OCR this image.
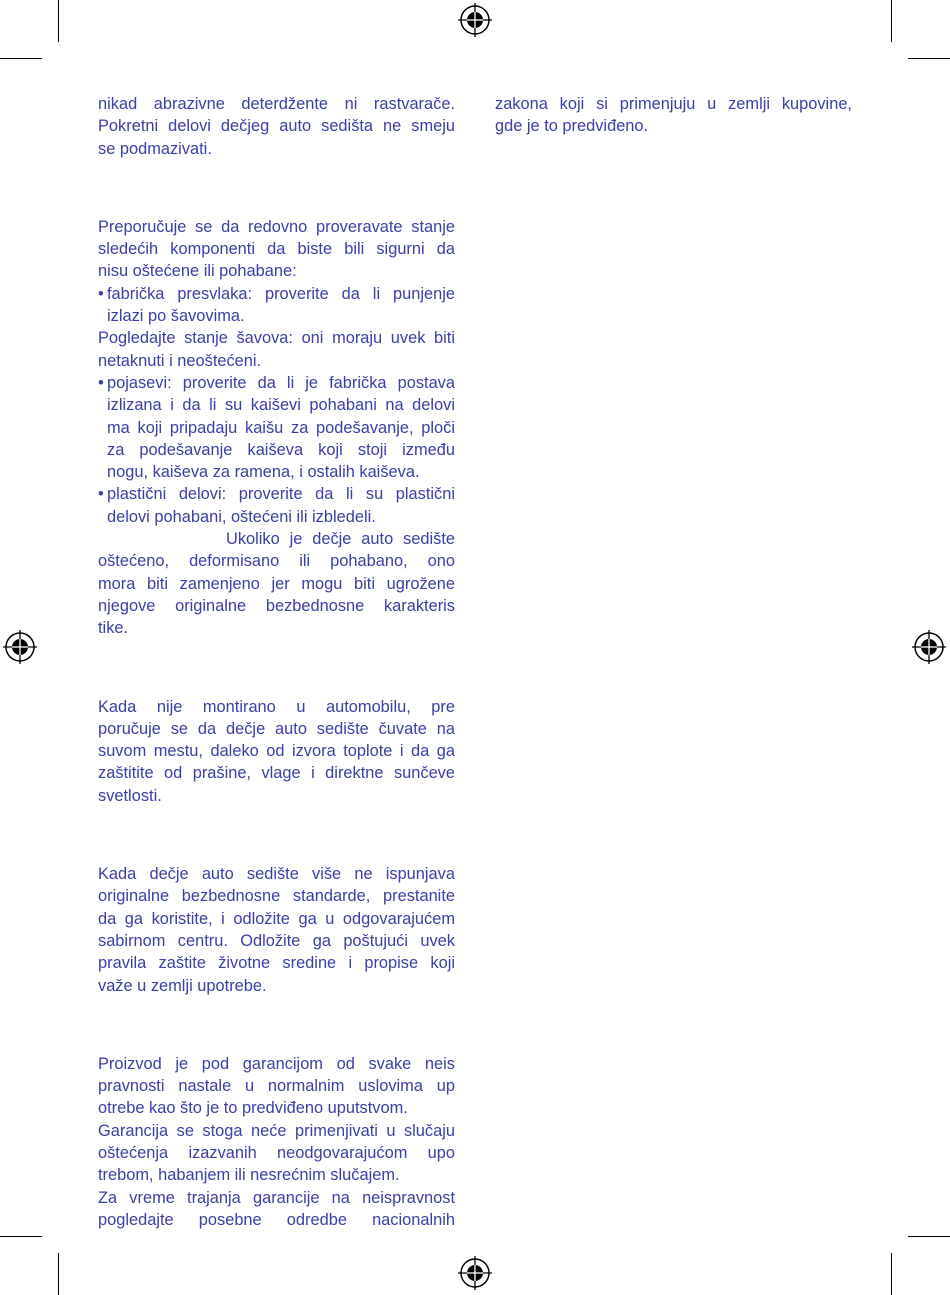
nikad abrazivne deterdžente ni rastvarače.

Pokretni delovi dečjeg auto sedišta ne smeju

se podmazivati.

Preporučuje se da redovno proveravate stanje

sledećih komponenti da biste bili sigurni da

nisu oštećene ili pohabane:

• fabrička presvlaka: proverite da li punjenje
izlazi po šavovima.

Pogledajte stanje šavova: oni moraju uvek biti

netaknuti i neoštećeni.

• pojasevi: proverite da li je fabrička postava
izlizana i da li su kaiševi pohabani na delovi
ma koji pripadaju kaišu za podešavanje, ploči
za podešavanje kaiševa koji stoji između
nogu, kaiševa za ramena, i ostalih kaiševa.
• plastični delovi: proverite da li su plastični
delovi pohabani, oštećeni ili izbledeli.

Ukoliko je dečje auto sedište

oštećeno, deformisano ili pohabano, ono

mora biti zamenjeno jer mogu biti ugrožene

njegove originalne bezbednosne karakteris

tike.

Kada nije montirano u automobilu, pre

poručuje se da dečje auto sedište čuvate na

suvom mestu, daleko od izvora toplote i da ga

zaštitite od prašine, vlage i direktne sunčeve

svetlosti.

Kada dečje auto sedište više ne ispunjava

originalne bezbednosne standarde, prestanite

da ga koristite, i odložite ga u odgovarajućem

sabirnom centru. Odložite ga poštujući uvek

pravila zaštite životne sredine i propise koji

važe u zemlji upotrebe.

Proizvod je pod garancijom od svake neis

pravnosti nastale u normalnim uslovima up

otrebe kao što je to predviđeno uputstvom.

Garancija se stoga neće primenjivati u slučaju

oštećenja izazvanih neodgovarajućom upo

trebom, habanjem ili nesrećnim slučajem.

Za vreme trajanja garancije na neispravnost

pogledajte posebne odredbe nacionalnih

zakona koji si primenjuju u zemlji kupovine,

gde je to predviđeno.
